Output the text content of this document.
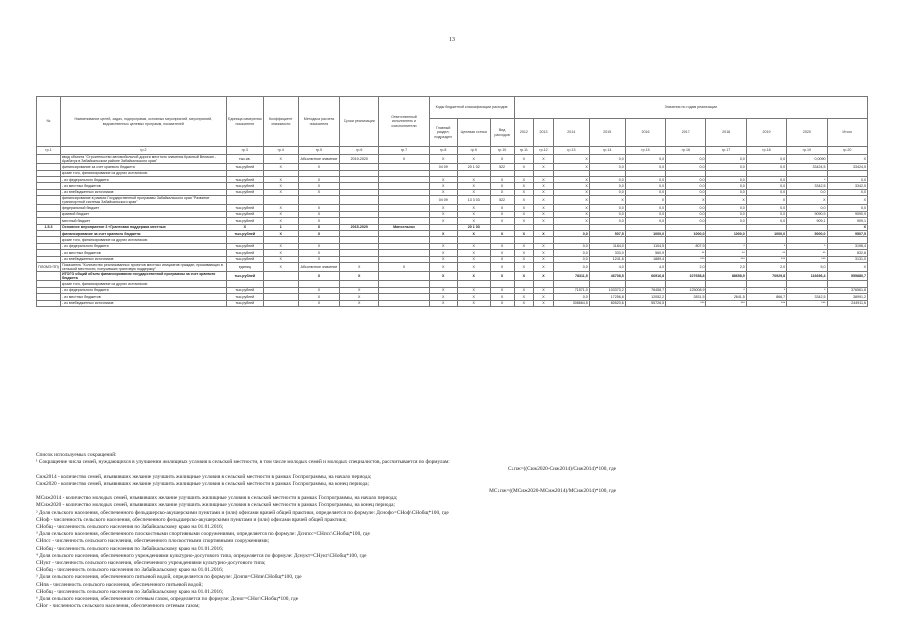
13
№	Наименование целей, задач, подпрограмм, основных мероприятий, мероприятий, ведомственных целевых программ, показателей	Единица измерения показателя	Коэффициент значимости	Методика расчета показателя	Сроки реализации	Ответственный исполнитель и соисполнители	Коды бюджетной классификации расходов			Значения по годам реализации									
							Главный раздел, подраздел	Целевая статья	Вид расходов	2012	2013	2014	2015	2016	2017	2018	2019	2020	Итого
гр.1	гр.2	гр.3	гр.4	гр.5	гр.6	гр.7	гр.8	гр.9	гр.10	гр.11	гр.12	гр.13	гр.14	гр.15	гр.16	гр.17	гр.18	гр.19	гр.20
	ввод объекта "Строительство автомобильной дороги местного значения Красный Великан - Арабатук в Забайкальском районе Забайкальского края"	тыс.кв.	Х	Абсолютное значение	2019-2020	Х	Х	Х	Х	Х	Х	Х	0,0	0,0	0,0	0,0	0,0	0,0090	Х
	финансирование за счет краевого бюджета	тыс.рублей	Х	Х			04 09	20 1 02	522	Х	Х	Х	0,0	0,0	0,0	0,0	0,0	33424,5	33424,5
	кроме того, финансирование из других источников:																		
	- из федерального бюджета	тыс.рублей	Х	Х			Х	Х	Х	Х	Х	Х	0,0	0,0	0,0	0,0	0,0	*	0,0
	- из местных бюджетов	тыс.рублей	Х	Х			Х	Х	Х	Х	Х	Х	0,0	0,0	0,0	0,0	0,0	3342,5	3342,5
	- из внебюджетных источников	тыс.рублей	Х	Х			Х	Х	Х	Х	Х	Х	0,0	0,0	0,0	0,0	0,0	0,0	0,0
	финансирование в рамках Государственной программы Забайкальского края "Развитие транспортной системы Забайкальского края"						04 09	13 3 03	522	Х	Х	Х	Х	Х	Х	Х	Х	Х	Х
	федеральный бюджет	тыс.рублей	Х	Х			Х	Х	Х	Х	Х	Х	0,0	0,0	0,0	0,0	0,0	0,0	0,0
	краевой бюджет	тыс.рублей	Х	Х			Х	Х	Х	Х	Х	Х	0,0	0,0	0,0	0,0	0,0	9090,9	9090,9
	местный бюджет	тыс.рублей	Х	Х			Х	Х	Х	Х	Х	Х	0,0	0,0	0,0	0,0	0,0	909,1	909,1
1.5.3	Основное мероприятие 3 «Грантовая поддержка местных	Х	1	Х	2015-2020	Минсельхоз		20 1 03											Х
	финансирование за счет краевого бюджета:	тыс.рублей	Х	Х			Х	Х	Х	Х	Х	0,0	507,5	1000,0	1000,0	1000,0	1000,0	5000,0	9507,5
	кроме того, финансирование из других источников:																		
	- из федерального бюджета	тыс.рублей	Х	Х			Х	Х	Х	Х	Х	0,0	1184,0	1104,5	807,9	*	*	*	3196,4
	- из местных бюджетов	тыс.рублей	Х	Х			Х	Х	Х	Х	Х	0,0	333,0	560,9	**	**	**	**	832,8
	- из внебюджетных источников	тыс.рублей	Х	Х			Х	Х	Х	Х	Х	0,0	1241,6	1889,4	***	***	***	***	3131,0
ПЛОМЭ ПП)	Показатель "Количество реализованных проектов местных инициатив граждан, проживающих в сельской местности, получивших грантовую поддержку"	единиц	Х	Абсолютное значение	Х	Х	Х	Х	Х	Х	Х	0,0	4,0	4,0	2,0	2,0	2,0	5,0	Х
	ИТОГО общий объем финансирования государственной программы за счет краевого бюджета	тыс.рублей		Х	Х		Х	Х	Х	Х	Х	78311,5	46708,5	66916,8	107658,8	88658,9	70929,8	116696,4	555880,7
	кроме того, финансирование из других источников:																		
	- из федерального бюджета	тыс.рублей		Х	Х		Х	Х	Х	Х	Х	71571,0	103373,2	76458,7	125008,9	*	*	*	376561,8
	- из местных бюджетов	тыс.рублей		Х	Х		Х	Х	Х	Х	Х	0,0	17256,8	12052,2	2831,5	2641,5	866,7	3342,5	38991,2
	- из внебюджетных источников	тыс.рублей		Х	Х		Х	Х	Х	Х	Х	308664,5	80520,6	55726,5	***	***	***	***	244911,6
Список используемых сокращений:
¹ Сокращение числа семей, нуждающихся в улучшении жилищных условия в сельской местности, в том числе молодых семей и молодых специалистов, рассчитывается по формулам:
С↓пж=((Сиж2020-Сиж2014)/Сиж2014)*100, где
Сиж2014 - количество семей, изъявивших желание улучшить жилищные условия в сельской местности в рамках Госпрограммы, на начало периода;
Сиж2020 - количество семей, изъявивших желание улучшить жилищные условия в сельской местности в рамках Госпрограммы, на конец периода;
МС↓пж=((МСиж2020-МСиж2014)/МСиж2014)*100, где
МСиж2014 - количество молодых семей, изъявивших желание улучшить жилищные условия в сельской местности в рамках Госпрограммы, на начало периода;
МСиж2020 - количество молодых семей, изъявивших желание улучшить жилищные условия в сельской местности в рамках Госпрограммы, на конец периода;
² Доля сельского населения, обеспеченного фельдшерско-акушерскими пунктами и (или) офисами врачей общей практики, определяется по формуле: Дснофо=СНоф\СНобщ*100, где
СНоф - численность сельского населения, обеспеченного фельдшерско-акушерскими пунктами и (или) офисами врачей общей практики;
СНобщ - численность сельского населения по Забайкальскому краю на 01.01.2016;
³ Доля сельского населения, обеспеченного плоскостными спортивными сооружениями, определяется по формуле: Дснпсс=СНпсс\СНобщ*100, где
СНпсс - численность сельского населения, обеспеченного плоскостными спортивными сооружениями;
СНобщ - численность сельского населения по Забайкальскому краю на 01.01.2016;
⁴ Доля сельского населения, обеспеченного учреждениями культурно-досугового типа, определяется по формуле: Дснукт=СНукт\СНобщ*100, где
СНукт - численность сельского населения, обеспеченного учреждениями культурно-досугового типа;
СНобщ - численность сельского населения по Забайкальскому краю на 01.01.2016;
⁵ Доля сельского населения, обеспеченного питьевой водой, определяется по формуле: Дснпв=СНпв\СНобщ*100, где
СНпв - численность сельского населения, обеспеченного питьевой водой;
СНобщ - численность сельского населения по Забайкальскому краю на 01.01.2016;
⁶ Доля сельского населения, обеспеченного сетевым газом, определяется по формуле: Дсног=СНог\СНобщ*100, где
СНог - численность сельского населения, обеспеченного сетевым газом;
